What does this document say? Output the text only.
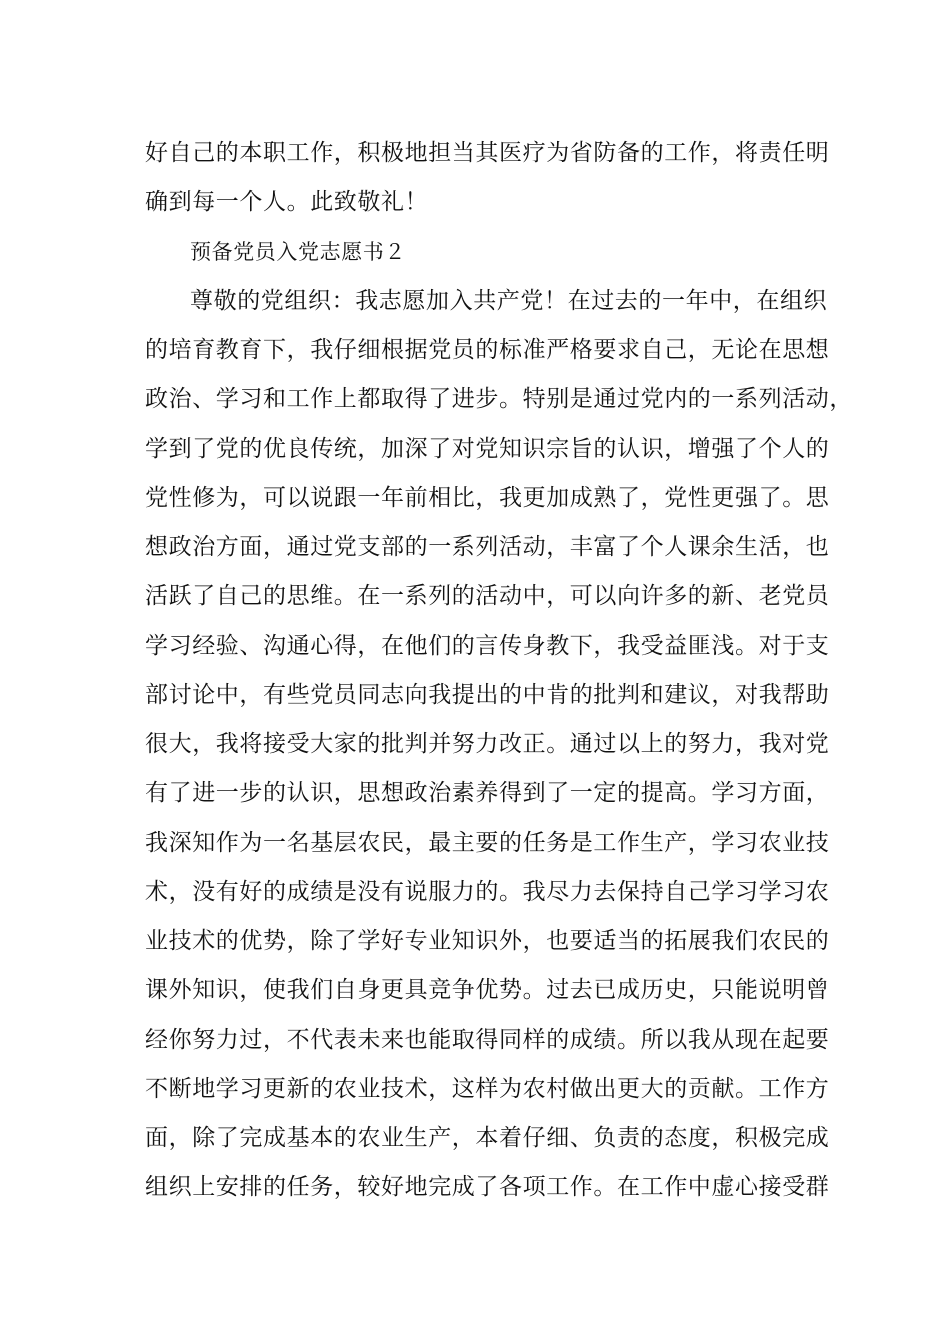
好自己的本职工作，积极地担当其医疗为省防备的工作，将责任明
确到每一个人。此致敬礼！
预备党员入党志愿书２
尊敬的党组织：我志愿加入共产党！在过去的一年中，在组织
的培育教育下，我仔细根据党员的标准严格要求自己，无论在思想
政治、学习和工作上都取得了进步。特别是通过党内的一系列活动，
学到了党的优良传统，加深了对党知识宗旨的认识，增强了个人的
党性修为，可以说跟一年前相比，我更加成熟了，党性更强了。思
想政治方面，通过党支部的一系列活动，丰富了个人课余生活，也
活跃了自己的思维。在一系列的活动中，可以向许多的新、老党员
学习经验、沟通心得，在他们的言传身教下，我受益匪浅。对于支
部讨论中，有些党员同志向我提出的中肯的批判和建议，对我帮助
很大，我将接受大家的批判并努力改正。通过以上的努力，我对党
有了进一步的认识，思想政治素养得到了一定的提高。学习方面，
我深知作为一名基层农民，最主要的任务是工作生产，学习农业技
术，没有好的成绩是没有说服力的。我尽力去保持自己学习学习农
业技术的优势，除了学好专业知识外，也要适当的拓展我们农民的
课外知识，使我们自身更具竞争优势。过去已成历史，只能说明曾
经你努力过，不代表未来也能取得同样的成绩。所以我从现在起要
不断地学习更新的农业技术，这样为农村做出更大的贡献。工作方
面，除了完成基本的农业生产，本着仔细、负责的态度，积极完成
组织上安排的任务，较好地完成了各项工作。在工作中虚心接受群
